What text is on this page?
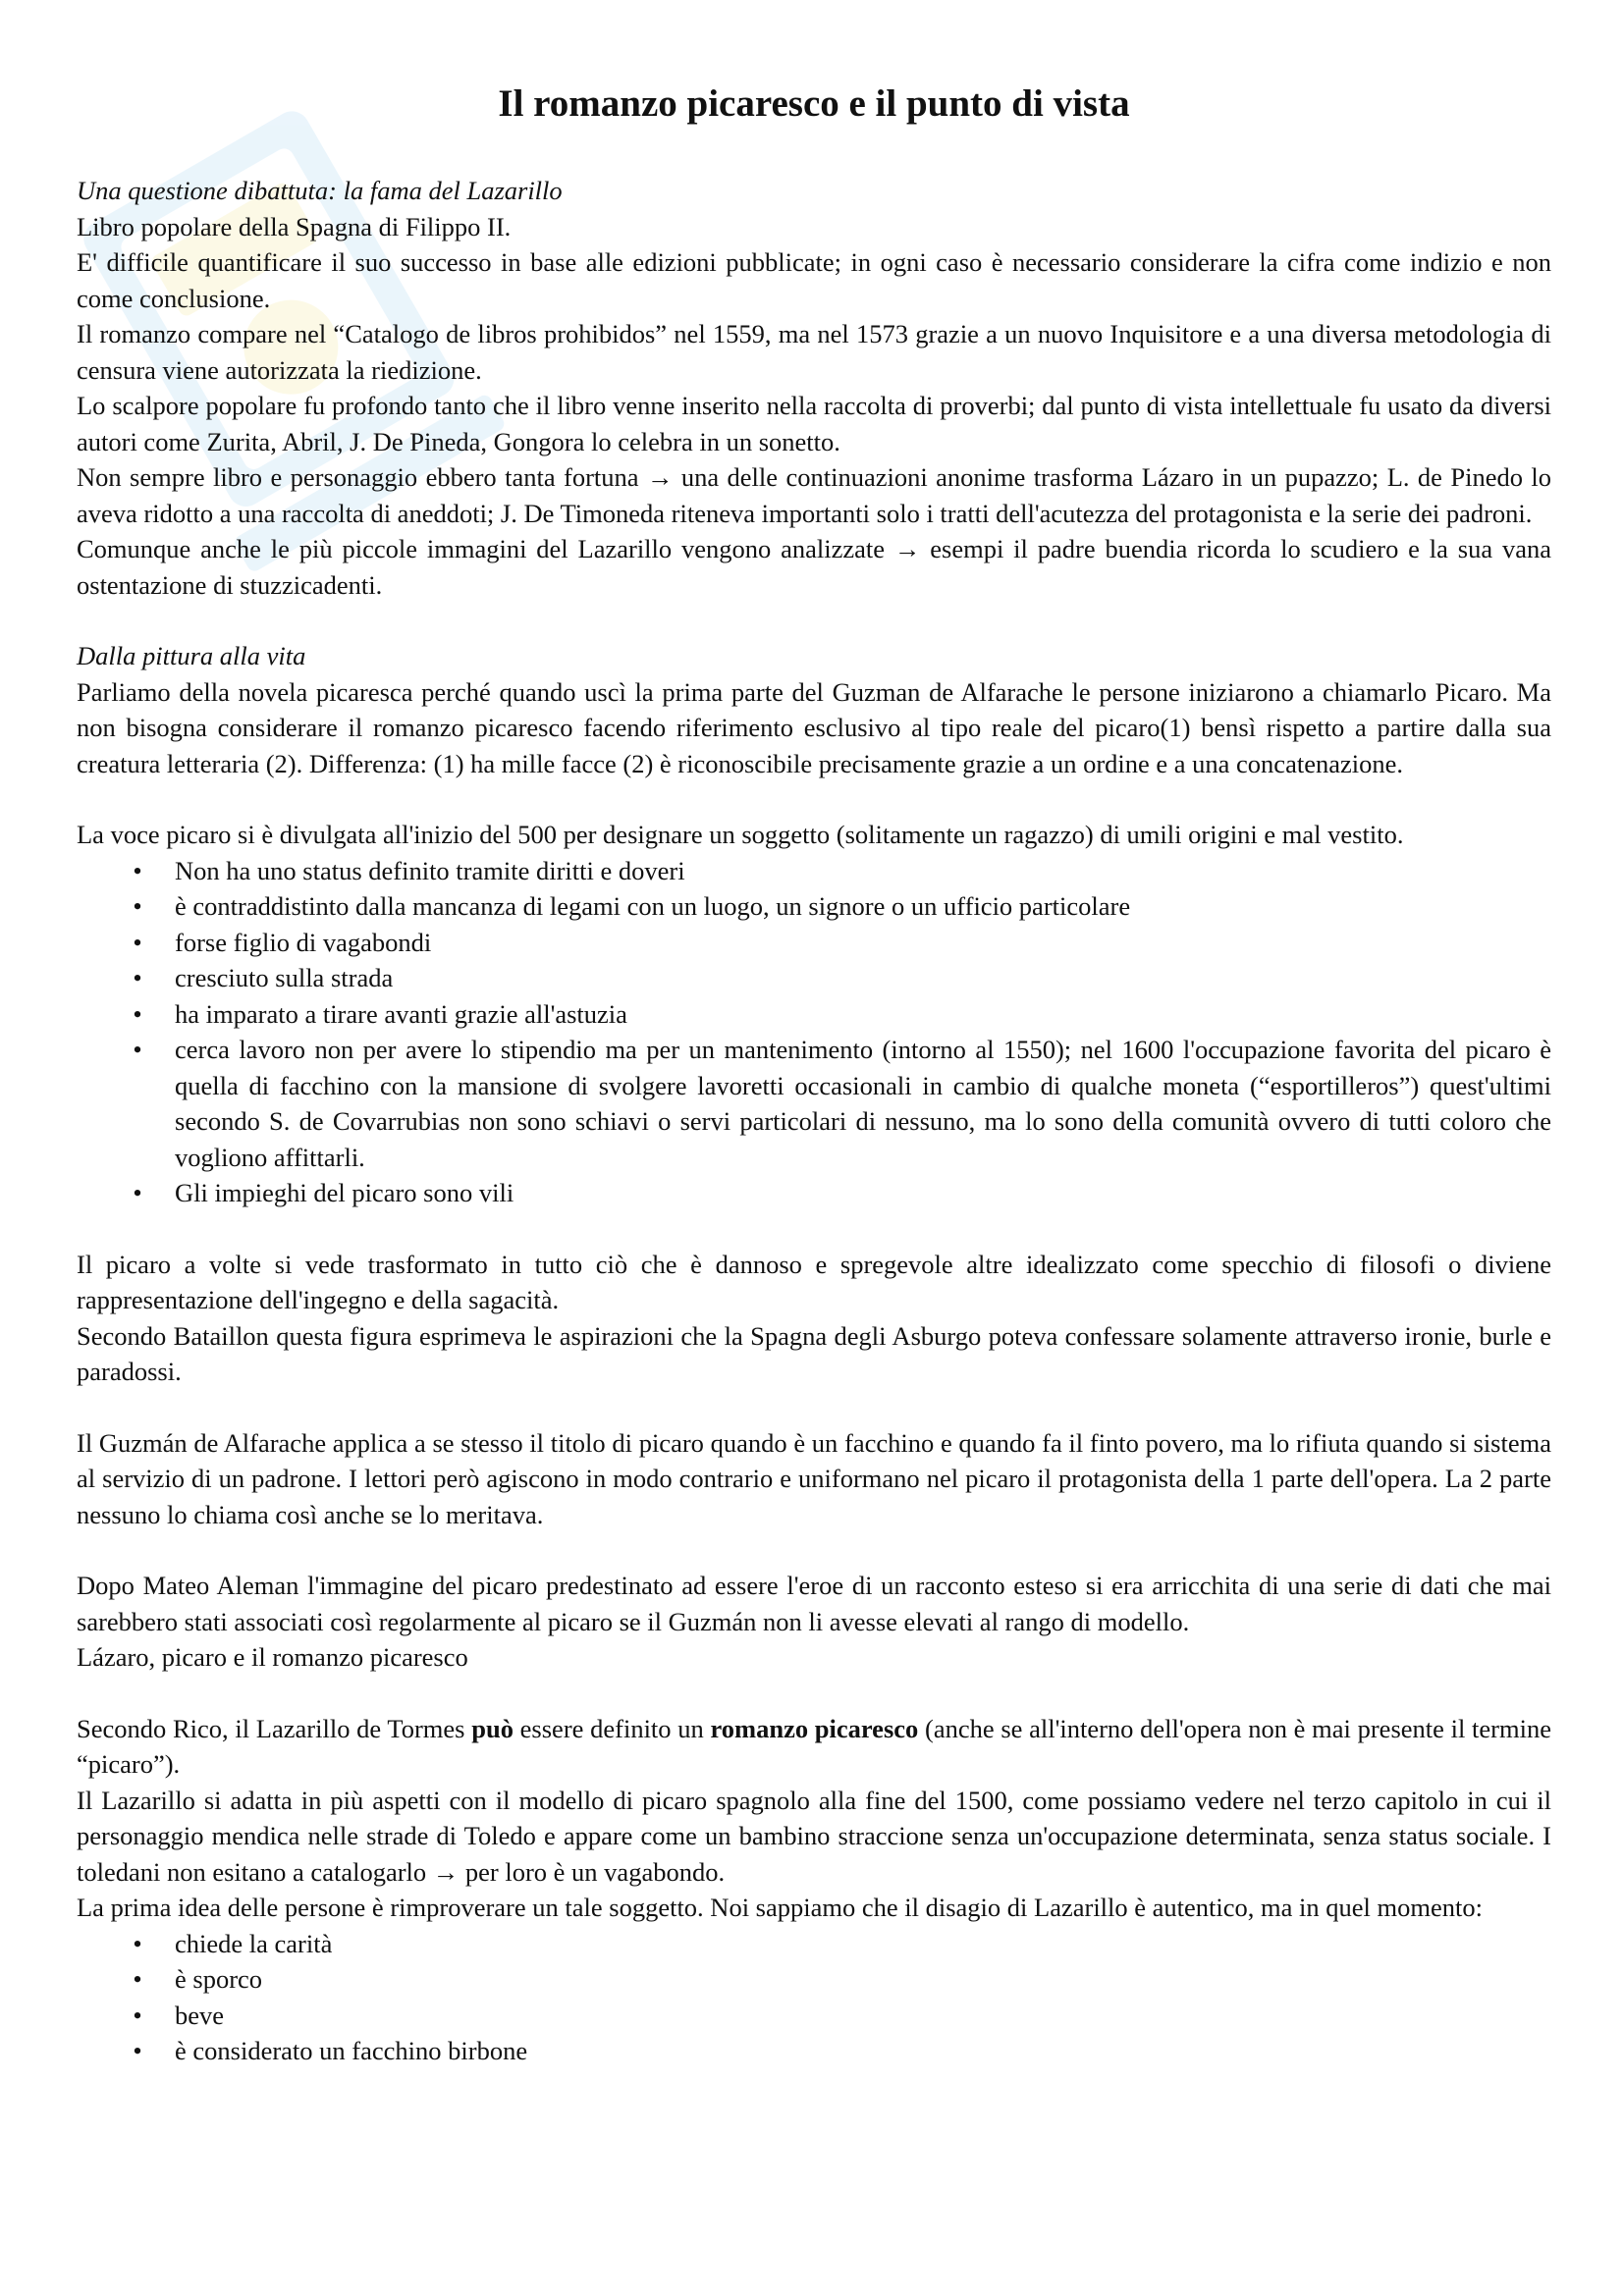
Il romanzo picaresco e il punto di vista
Una questione dibattuta: la fama del Lazarillo

Libro popolare della Spagna di Filippo II.

E' difficile quantificare il suo successo in base alle edizioni pubblicate; in ogni caso è necessario considerare la cifra come indizio e non come conclusione.

Il romanzo compare nel “Catalogo de libros prohibidos” nel 1559, ma nel 1573 grazie a un nuovo Inquisitore e a una diversa metodologia di censura viene autorizzata la riedizione.

Lo scalpore popolare fu profondo tanto che il libro venne inserito nella raccolta di proverbi; dal punto di vista intellettuale fu usato da diversi autori come Zurita, Abril, J. De Pineda, Gongora lo celebra in un sonetto.

Non sempre libro e personaggio ebbero tanta fortuna → una delle continuazioni anonime trasforma Lázaro in un pupazzo; L. de Pinedo lo aveva ridotto a una raccolta di aneddoti; J. De Timoneda riteneva importanti solo i tratti dell'acutezza del protagonista e la serie dei padroni.

Comunque anche le più piccole immagini del Lazarillo vengono analizzate → esempi il padre buendia ricorda lo scudiero e la sua vana ostentazione di stuzzicadenti.

Dalla pittura alla vita

Parliamo della novela picaresca perché quando uscì la prima parte del Guzman de Alfarache le persone iniziarono a chiamarlo Picaro. Ma non bisogna considerare il romanzo picaresco facendo riferimento esclusivo al tipo reale del picaro(1) bensì rispetto a partire dalla sua creatura letteraria (2). Differenza: (1) ha mille facce (2) è riconoscibile precisamente grazie a un ordine e a una concatenazione.

La voce picaro si è divulgata all'inizio del 500 per designare un soggetto (solitamente un ragazzo) di umili origini e mal vestito.

• Non ha uno status definito tramite diritti e doveri
• è contraddistinto dalla mancanza di legami con un luogo, un signore o un ufficio particolare
• forse figlio di vagabondi
• cresciuto sulla strada
• ha imparato a tirare avanti grazie all'astuzia
• cerca lavoro non per avere lo stipendio ma per un mantenimento (intorno al 1550); nel 1600 l'occupazione favorita del picaro è quella di facchino con la mansione di svolgere lavoretti occasionali in cambio di qualche moneta (“esportilleros”) quest'ultimi secondo S. de Covarrubias non sono schiavi o servi particolari di nessuno, ma lo sono della comunità ovvero di tutti coloro che vogliono affittarli.
• Gli impieghi del picaro sono vili

Il picaro a volte si vede trasformato in tutto ciò che è dannoso e spregevole altre idealizzato come specchio di filosofi o diviene rappresentazione dell'ingegno e della sagacità.

Secondo Bataillon questa figura esprimeva le aspirazioni che la Spagna degli Asburgo poteva confessare solamente attraverso ironie, burle e paradossi.

Il Guzmán de Alfarache applica a se stesso il titolo di picaro quando è un facchino e quando fa il finto povero, ma lo rifiuta quando si sistema al servizio di un padrone. I lettori però agiscono in modo contrario e uniformano nel picaro il protagonista della 1 parte dell'opera. La 2 parte nessuno lo chiama così anche se lo meritava.

Dopo Mateo Aleman l'immagine del picaro predestinato ad essere l'eroe di un racconto esteso si era arricchita di una serie di dati che mai sarebbero stati associati così regolarmente al picaro se il Guzmán non li avesse elevati al rango di modello.

Lázaro, picaro e il romanzo picaresco

Secondo Rico, il Lazarillo de Tormes può essere definito un romanzo picaresco (anche se all'interno dell'opera non è mai presente il termine “picaro”).

Il Lazarillo si adatta in più aspetti con il modello di picaro spagnolo alla fine del 1500, come possiamo vedere nel terzo capitolo in cui il personaggio mendica nelle strade di Toledo e appare come un bambino straccione senza un'occupazione determinata, senza status sociale. I toledani non esitano a catalogarlo → per loro è un vagabondo.

La prima idea delle persone è rimproverare un tale soggetto. Noi sappiamo che il disagio di Lazarillo è autentico, ma in quel momento:

• chiede la carità
• è sporco
• beve
• è considerato un facchino birbone
